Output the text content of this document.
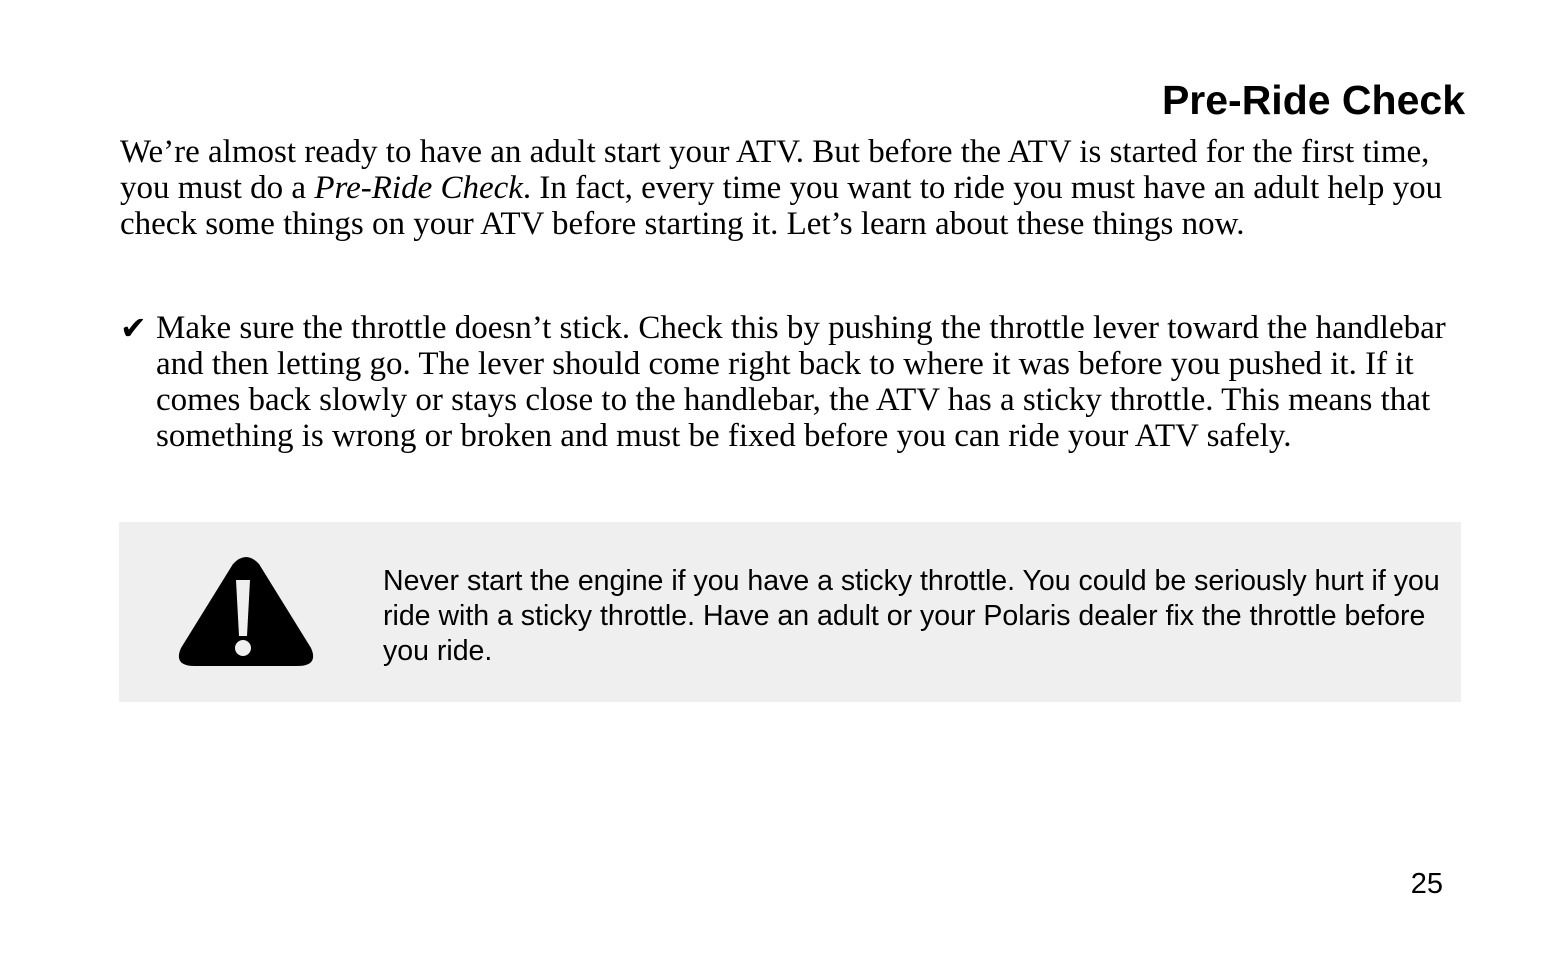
Pre-Ride Check

We’re almost ready to have an adult start your ATV. But before the ATV is started for the first time, you must do a Pre-Ride Check. In fact, every time you want to ride you must have an adult help you check some things on your ATV before starting it. Let’s learn about these things now.

✔ Make sure the throttle doesn’t stick. Check this by pushing the throttle lever toward the handlebar and then letting go. The lever should come right back to where it was before you pushed it. If it comes back slowly or stays close to the handlebar, the ATV has a sticky throttle. This means that something is wrong or broken and must be fixed before you can ride your ATV safely.

Never start the engine if you have a sticky throttle. You could be seriously hurt if you ride with a sticky throttle. Have an adult or your Polaris dealer fix the throttle before you ride.

25
